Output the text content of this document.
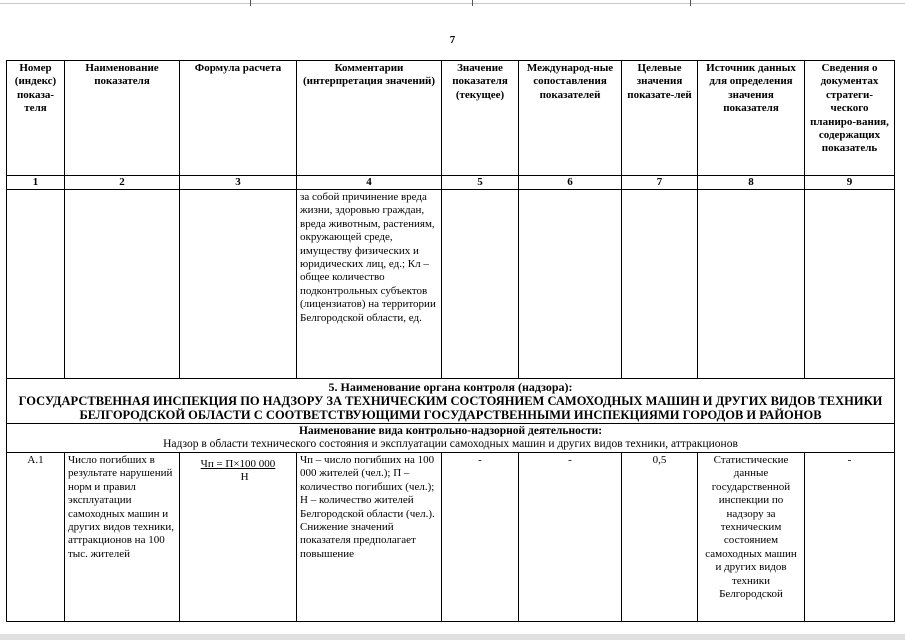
7
Номер (индекс) показа-теля	Наименование показателя	Формула расчета	Комментарии (интерпретация значений)	Значение показателя (текущее)	Международ-ные сопоставления показателей	Целевые значения показате-лей	Источник данных для определения значения показателя	Сведения о документах стратеги-ческого планиро-вания, содержащих показатель
1	2	3	4	5	6	7	8	9
			за собой причинение вреда жизни, здоровью граждан, вреда животным, растениям, окружающей среде, имуществу физических и юридических лиц, ед.; Кл – общее количество подконтрольных субъектов (лицензиатов) на территории Белгородской области, ед.					

5. Наименование органа контроля (надзора):
ГОСУДАРСТВЕННАЯ ИНСПЕКЦИЯ ПО НАДЗОРУ ЗА ТЕХНИЧЕСКИМ СОСТОЯНИЕМ САМОХОДНЫХ МАШИН И ДРУГИХ ВИДОВ ТЕХНИКИ БЕЛГОРОДСКОЙ ОБЛАСТИ С СООТВЕТСТВУЮЩИМИ ГОСУДАРСТВЕННЫМИ ИНСПЕКЦИЯМИ ГОРОДОВ И РАЙОНОВ								

Наименование вида контрольно-надзорной деятельности:
Надзор в области технического состояния и эксплуатации самоходных машин и других видов техники, аттракционов								

А.1	Число погибших в результате нарушений норм и правил эксплуатации самоходных машин и других видов техники, аттракционов на 100 тыс. жителей	$\frac{Чп = П\times 100 000}{Н}$	Чп – число погибших на 100 000 жителей (чел.); П – количество погибших (чел.); Н – количество жителей Белгородской области (чел.). Снижение значений показателя предполагает повышение	-	-	0,5	Статистические данные государственной инспекции по надзору за техническим состоянием самоходных машин и других видов техники Белгородской	-
